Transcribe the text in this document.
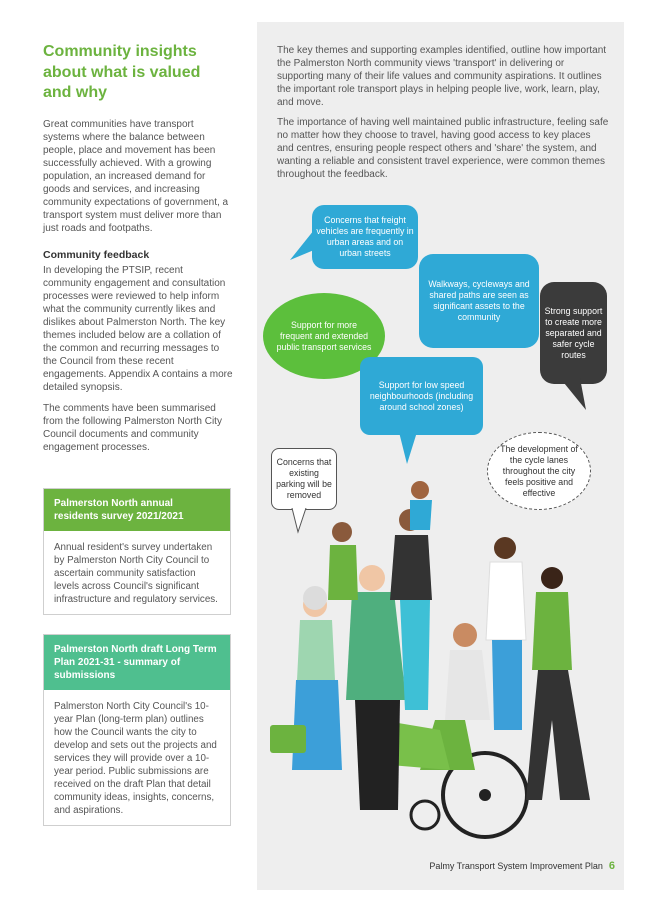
Community insights about what is valued and why

Great communities have transport systems where the balance between people, place and movement has been successfully achieved. With a growing population, an increased demand for goods and services, and increasing community expectations of government, a transport system must deliver more than just roads and footpaths.

Community feedback

In developing the PTSIP, recent community engagement and consultation processes were reviewed to help inform what the community currently likes and dislikes about Palmerston North. The key themes included below are a collation of the common and recurring messages to the Council from these recent engagements. Appendix A contains a more detailed synopsis.

The comments have been summarised from the following Palmerston North City Council documents and community engagement processes.

Palmerston North annual residents survey 2021/2021
Annual resident's survey undertaken by Palmerston North City Council to ascertain community satisfaction levels across Council's significant infrastructure and regulatory services.
Palmerston North draft Long Term Plan 2021-31 - summary of submissions
Palmerston North City Council's 10-year Plan (long-term plan) outlines how the Council wants the city to develop and sets out the projects and services they will provide over a 10-year period. Public submissions are received on the draft Plan that detail community ideas, insights, concerns, and aspirations.

The key themes and supporting examples identified, outline how important the Palmerston North community views 'transport' in delivering or supporting many of their life values and community aspirations. It outlines the important role transport plays in helping people live, work, learn, play, and move.

The importance of having well maintained public infrastructure, feeling safe no matter how they choose to travel, having good access to key places and centres, ensuring people respect others and 'share' the system, and wanting a reliable and consistent travel experience, were common themes throughout the feedback.

Concerns that freight vehicles are frequently in urban areas and on urban streets
Walkways, cycleways and shared paths are seen as significant assets to the community
Strong support to create more separated and safer cycle routes
Support for more frequent and extended public transport services
Support for low speed neighbourhoods (including around school zones)
Concerns that existing parking will be removed
The development of the cycle lanes throughout the city feels positive and effective
Palmy Transport System Improvement Plan 6
